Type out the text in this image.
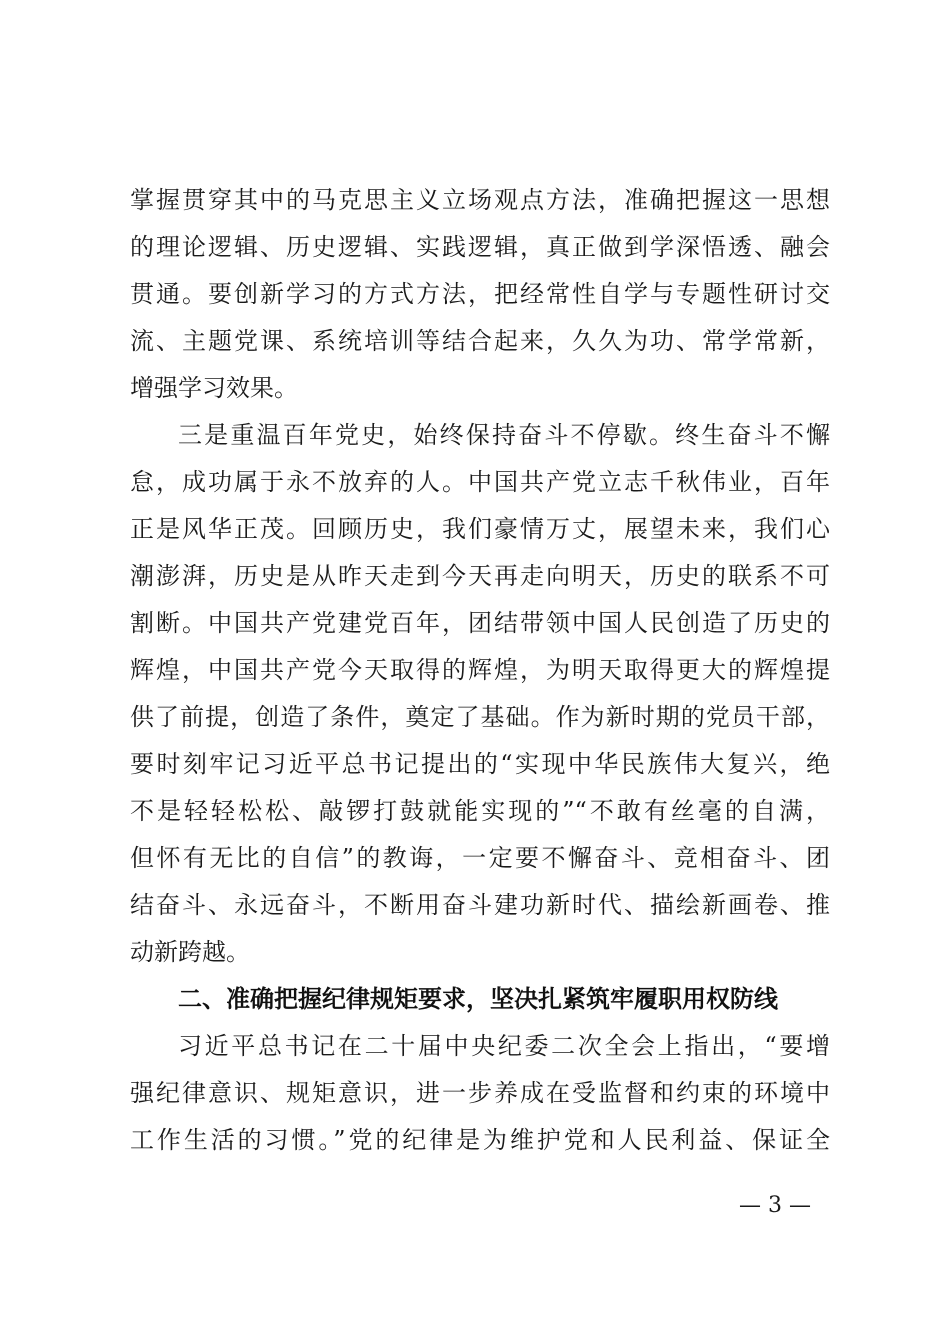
掌握贯穿其中的马克思主义立场观点方法，准确把握这一思想
的理论逻辑、历史逻辑、实践逻辑，真正做到学深悟透、融会
贯通。要创新学习的方式方法，把经常性自学与专题性研讨交
流、主题党课、系统培训等结合起来，久久为功、常学常新，
增强学习效果。
三是重温百年党史，始终保持奋斗不停歇。终生奋斗不懈
怠，成功属于永不放弃的人。中国共产党立志千秋伟业，百年
正是风华正茂。回顾历史，我们豪情万丈，展望未来，我们心
潮澎湃，历史是从昨天走到今天再走向明天，历史的联系不可
割断。中国共产党建党百年，团结带领中国人民创造了历史的
辉煌，中国共产党今天取得的辉煌，为明天取得更大的辉煌提
供了前提，创造了条件，奠定了基础。作为新时期的党员干部，
要时刻牢记习近平总书记提出的“实现中华民族伟大复兴，绝
不是轻轻松松、敲锣打鼓就能实现的”“不敢有丝毫的自满，
但怀有无比的自信”的教诲，一定要不懈奋斗、竞相奋斗、团
结奋斗、永远奋斗，不断用奋斗建功新时代、描绘新画卷、推
动新跨越。
二、准确把握纪律规矩要求，坚决扎紧筑牢履职用权防线
习近平总书记在二十届中央纪委二次全会上指出，“要增
强纪律意识、规矩意识，进一步养成在受监督和约束的环境中
工作生活的习惯。”党的纪律是为维护党和人民利益、保证全
— 3 —
